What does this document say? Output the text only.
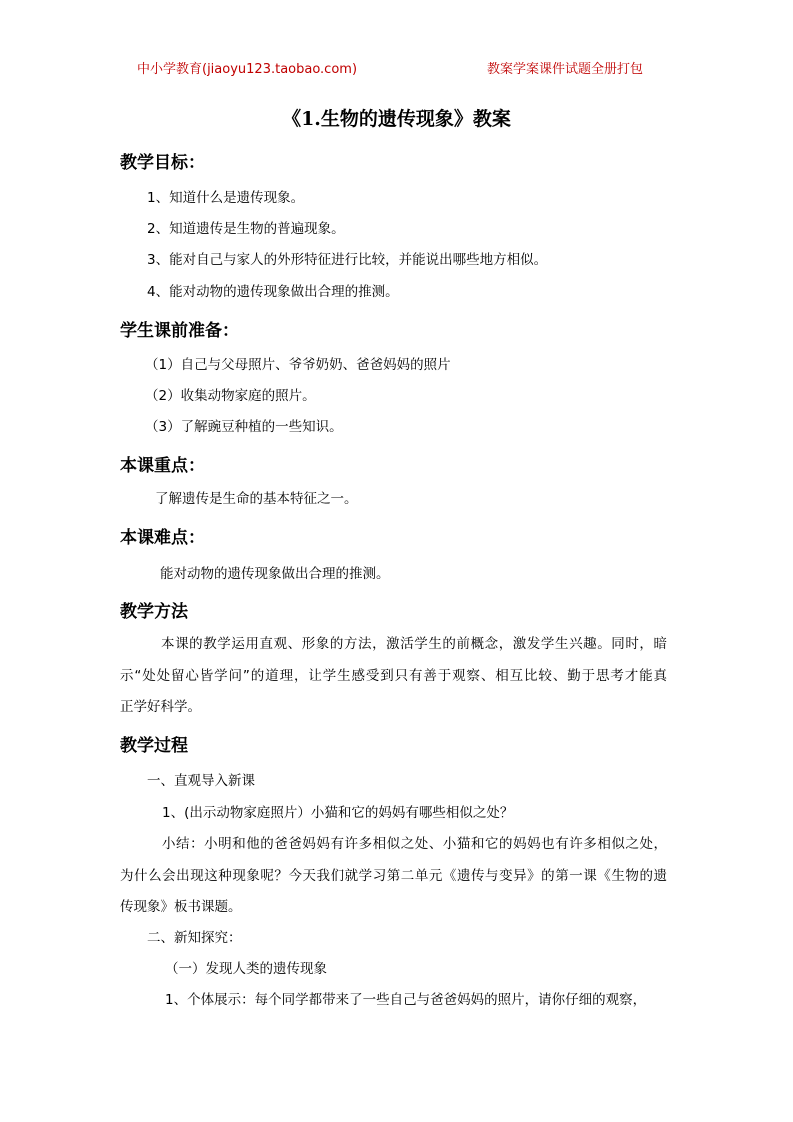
中小学教育(jiaoyu123.taobao.com)	教案学案课件试题全册打包
《1.生物的遗传现象》教案
教学目标：
1、知道什么是遗传现象。
2、知道遗传是生物的普遍现象。
3、能对自己与家人的外形特征进行比较，并能说出哪些地方相似。
4、能对动物的遗传现象做出合理的推测。
学生课前准备：
（1）自己与父母照片、爷爷奶奶、爸爸妈妈的照片
（2）收集动物家庭的照片。
（3）了解豌豆种植的一些知识。
本课重点：
了解遗传是生命的基本特征之一。
本课难点：
能对动物的遗传现象做出合理的推测。
教学方法
本课的教学运用直观、形象的方法，激活学生的前概念，激发学生兴趣。同时，暗
示“处处留心皆学问”的道理，让学生感受到只有善于观察、相互比较、勤于思考才能真
正学好科学。
教学过程
一、直观导入新课
1、(出示动物家庭照片）小猫和它的妈妈有哪些相似之处？
小结：小明和他的爸爸妈妈有许多相似之处、小猫和它的妈妈也有许多相似之处，
为什么会出现这种现象呢？今天我们就学习第二单元《遗传与变异》的第一课《生物的遗
传现象》板书课题。
二、新知探究：
（一）发现人类的遗传现象
1、个体展示：每个同学都带来了一些自己与爸爸妈妈的照片，请你仔细的观察，
